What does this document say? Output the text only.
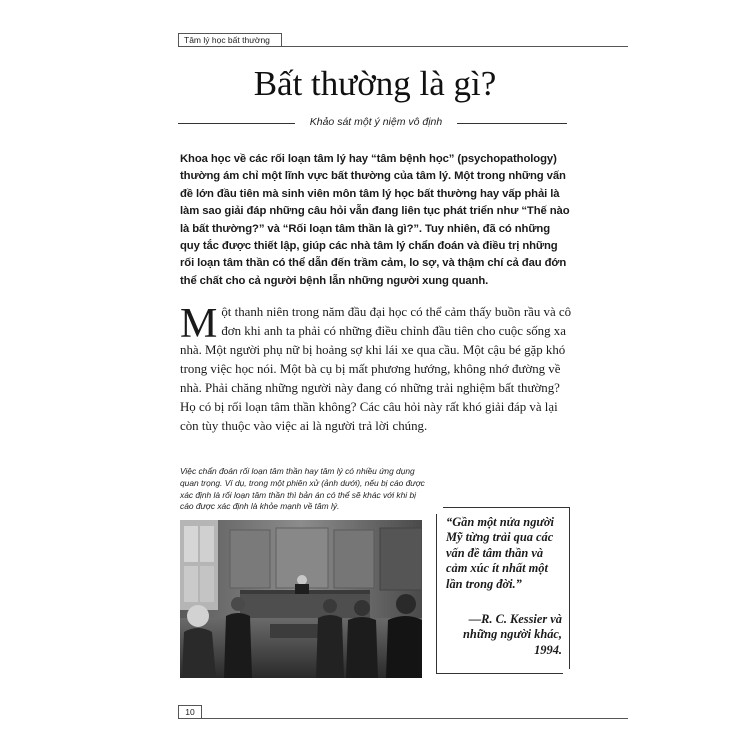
Tâm lý học bất thường
Bất thường là gì?
Khảo sát một ý niệm vô định

Khoa học về các rối loạn tâm lý hay “tâm bệnh học” (psychopathology) thường ám chỉ một lĩnh vực bất thường của tâm lý. Một trong những vấn đề lớn đầu tiên mà sinh viên môn tâm lý học bất thường hay vấp phải là làm sao giải đáp những câu hỏi vẫn đang liên tục phát triển như “Thế nào là bất thường?” và “Rối loạn tâm thần là gì?”. Tuy nhiên, đã có những quy tắc được thiết lập, giúp các nhà tâm lý chẩn đoán và điều trị những rối loạn tâm thần có thể dẫn đến trầm cảm, lo sợ, và thậm chí cả đau đớn thể chất cho cả người bệnh lẫn những người xung quanh.

Một thanh niên trong năm đầu đại học có thể cảm thấy buồn rầu và cô đơn khi anh ta phải có những điều chỉnh đầu tiên cho cuộc sống xa nhà. Một người phụ nữ bị hoảng sợ khi lái xe qua cầu. Một cậu bé gặp khó trong việc học nói. Một bà cụ bị mất phương hướng, không nhớ đường về nhà. Phải chăng những người này đang có những trải nghiệm bất thường? Họ có bị rối loạn tâm thần không? Các câu hỏi này rất khó giải đáp và lại còn tùy thuộc vào việc ai là người trả lời chúng.

Việc chẩn đoán rối loạn tâm thần hay tâm lý có nhiều ứng dụng quan trọng. Ví dụ, trong một phiên xử (ảnh dưới), nếu bị cáo được xác định là rối loạn tâm thần thì bản án có thể sẽ khác với khi bị cáo được xác định là khỏe mạnh về tâm lý.

“Gần một nửa người Mỹ từng trải qua các vấn đề tâm thần và cảm xúc ít nhất một lần trong đời.”

—R. C. Kessier và những người khác, 1994.

10
